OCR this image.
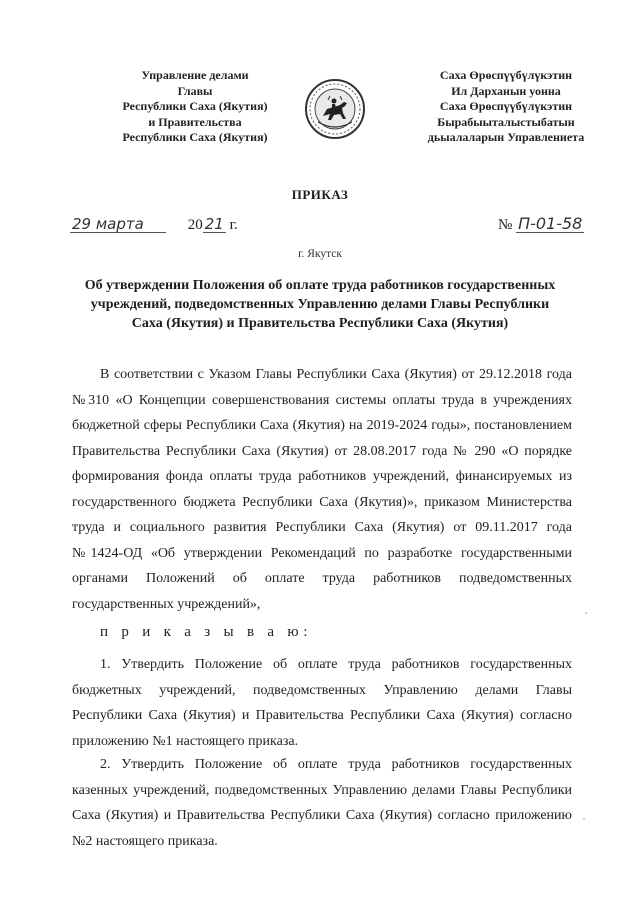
Управление делами
Главы
Республики Саха (Якутия)
и Правительства
Республики Саха (Якутия)
Саха Өрөспүүбүлүкэтин
Ил Дарханын уонна
Саха Өрөспүүбүлүкэтин
Бырабыыталыстыбатын
дьыалаларын Управлениета
ПРИКАЗ
29 марта	20 21 г.	№ П-01-58
г. Якутск
Об утверждении Положения об оплате труда работников государственных учреждений, подведомственных Управлению делами Главы Республики Саха (Якутия) и Правительства Республики Саха (Якутия)
В соответствии с Указом Главы Республики Саха (Якутия) от 29.12.2018 года №310 «О Концепции совершенствования системы оплаты труда в учреждениях бюджетной сферы Республики Саха (Якутия) на 2019-2024 годы», постановлением Правительства Республики Саха (Якутия) от 28.08.2017 года № 290 «О порядке формирования фонда оплаты труда работников учреждений, финансируемых из государственного бюджета Республики Саха (Якутия)», приказом Министерства труда и социального развития Республики Саха (Якутия) от 09.11.2017 года №1424-ОД «Об утверждении Рекомендаций по разработке государственными органами Положений об оплате труда работников подведомственных государственных учреждений»,
п р и к а з ы в а ю:
1. Утвердить Положение об оплате труда работников государственных бюджетных учреждений, подведомственных Управлению делами Главы Республики Саха (Якутия) и Правительства Республики Саха (Якутия) согласно приложению №1 настоящего приказа.
2. Утвердить Положение об оплате труда работников государственных казенных учреждений, подведомственных Управлению делами Главы Республики Саха (Якутия) и Правительства Республики Саха (Якутия) согласно приложению №2 настоящего приказа.
